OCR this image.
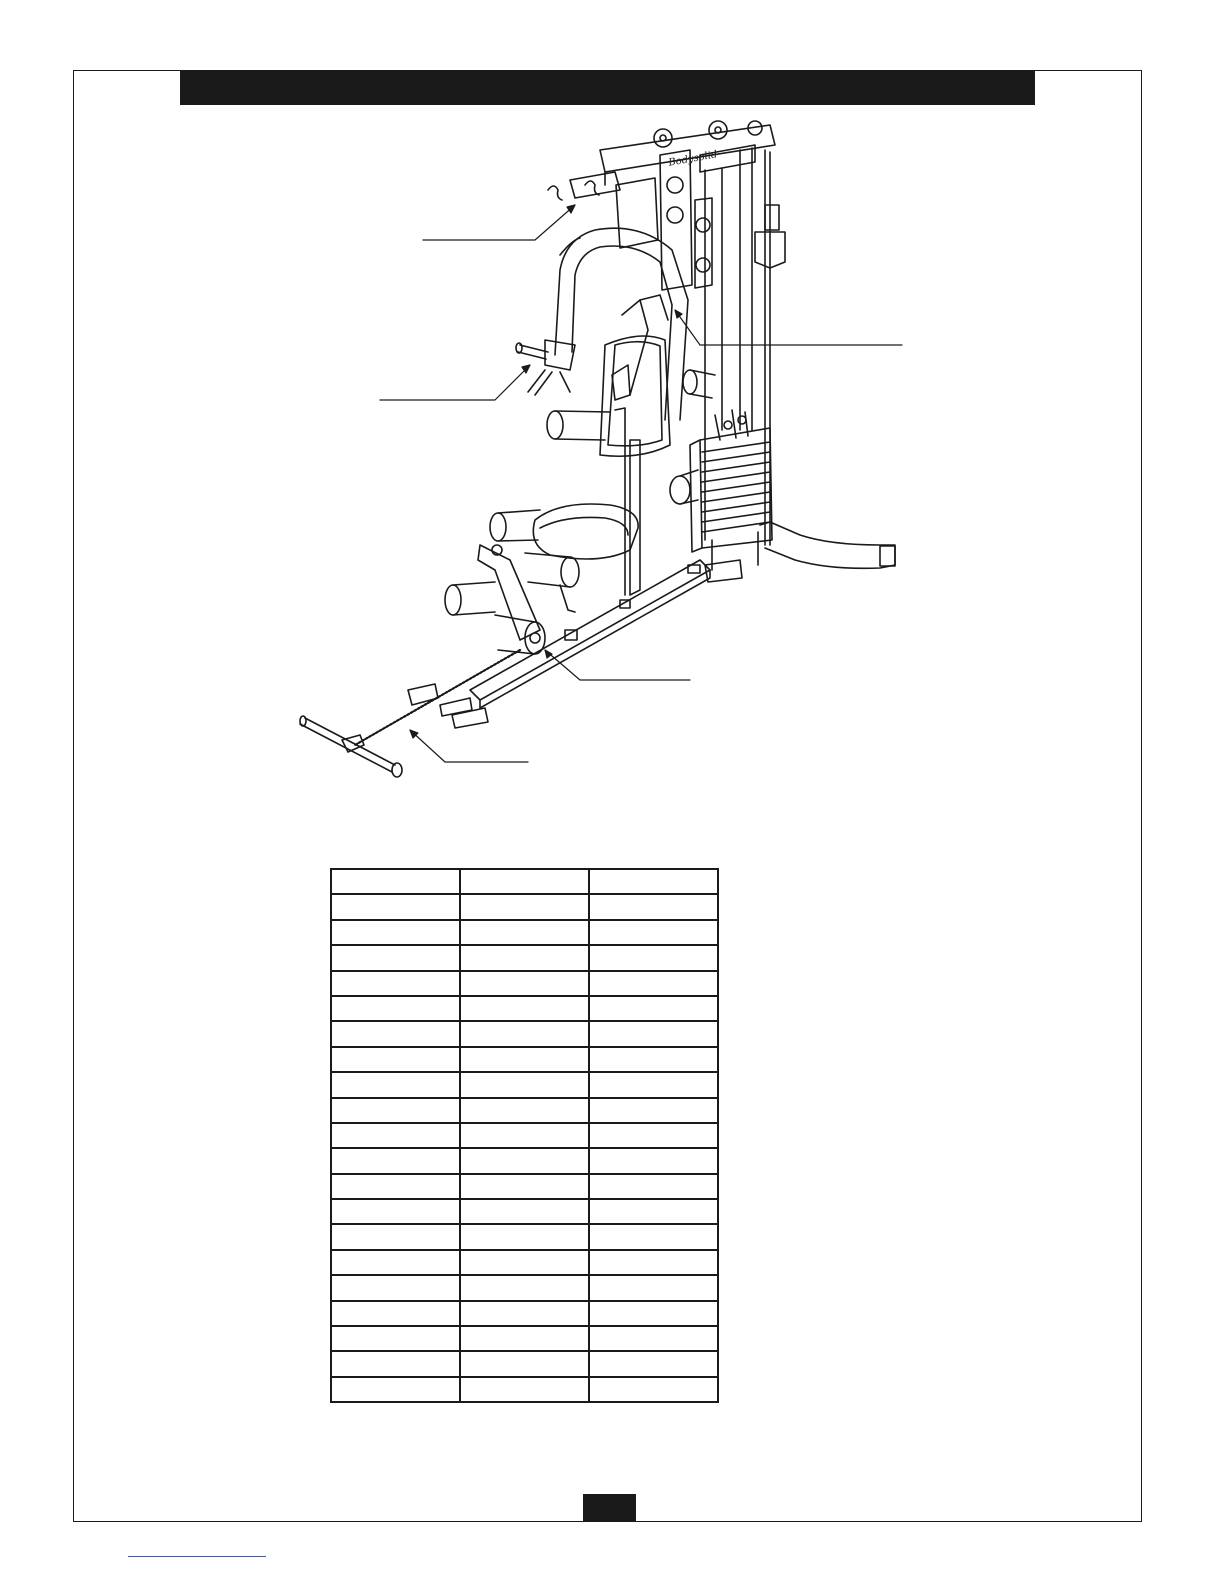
Bodysolid
